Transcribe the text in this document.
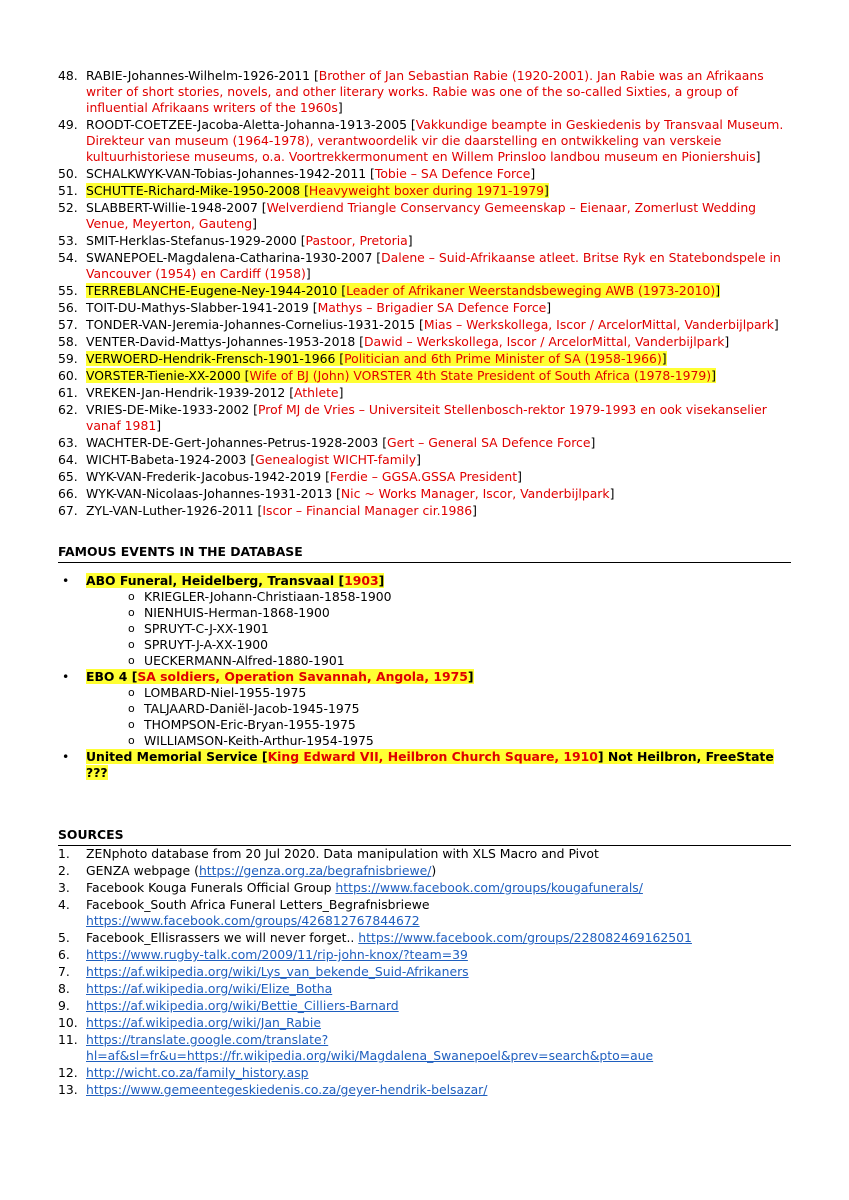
48. RABIE-Johannes-Wilhelm-1926-2011 [Brother of Jan Sebastian Rabie (1920-2001). Jan Rabie was an Afrikaans writer of short stories, novels, and other literary works. Rabie was one of the so-called Sixties, a group of influential Afrikaans writers of the 1960s]
49. ROODT-COETZEE-Jacoba-Aletta-Johanna-1913-2005 [Vakkundige beampte in Geskiedenis by Transvaal Museum. Direkteur van museum (1964-1978), verantwoordelik vir die daarstelling en ontwikkeling van verskeie kultuurhistoriese museums, o.a. Voortrekkermonument en Willem Prinsloo landbou museum en Pioniershuis]
50. SCHALKWYK-VAN-Tobias-Johannes-1942-2011 [Tobie – SA Defence Force]
51. SCHUTTE-Richard-Mike-1950-2008 [Heavyweight boxer during 1971-1979]
52. SLABBERT-Willie-1948-2007 [Welverdiend Triangle Conservancy Gemeenskap – Eienaar, Zomerlust Wedding Venue, Meyerton, Gauteng]
53. SMIT-Herklas-Stefanus-1929-2000 [Pastoor, Pretoria]
54. SWANEPOEL-Magdalena-Catharina-1930-2007 [Dalene – Suid-Afrikaanse atleet. Britse Ryk en Statebondspele in Vancouver (1954) en Cardiff (1958)]
55. TERREBLANCHE-Eugene-Ney-1944-2010 [Leader of Afrikaner Weerstandsbeweging AWB (1973-2010)]
56. TOIT-DU-Mathys-Slabber-1941-2019 [Mathys – Brigadier SA Defence Force]
57. TONDER-VAN-Jeremia-Johannes-Cornelius-1931-2015 [Mias – Werkskollega, Iscor / ArcelorMittal, Vanderbijlpark]
58. VENTER-David-Mattys-Johannes-1953-2018 [Dawid – Werkskollega, Iscor / ArcelorMittal, Vanderbijlpark]
59. VERWOERD-Hendrik-Frensch-1901-1966 [Politician and 6th Prime Minister of SA (1958-1966)]
60. VORSTER-Tienie-XX-2000 [Wife of BJ (John) VORSTER 4th State President of South Africa (1978-1979)]
61. VREKEN-Jan-Hendrik-1939-2012 [Athlete]
62. VRIES-DE-Mike-1933-2002 [Prof MJ de Vries – Universiteit Stellenbosch-rektor 1979-1993 en ook visekanselier vanaf 1981]
63. WACHTER-DE-Gert-Johannes-Petrus-1928-2003 [Gert – General SA Defence Force]
64. WICHT-Babeta-1924-2003 [Genealogist WICHT-family]
65. WYK-VAN-Frederik-Jacobus-1942-2019 [Ferdie – GGSA.GSSA President]
66. WYK-VAN-Nicolaas-Johannes-1931-2013 [Nic ~ Works Manager, Iscor, Vanderbijlpark]
67. ZYL-VAN-Luther-1926-2011 [Iscor – Financial Manager cir.1986]
FAMOUS EVENTS IN THE DATABASE
• ABO Funeral, Heidelberg, Transvaal [1903]
o KRIEGLER-Johann-Christiaan-1858-1900
o NIENHUIS-Herman-1868-1900
o SPRUYT-C-J-XX-1901
o SPRUYT-J-A-XX-1900
o UECKERMANN-Alfred-1880-1901
• EBO 4 [SA soldiers, Operation Savannah, Angola, 1975]
o LOMBARD-Niel-1955-1975
o TALJAARD-Daniël-Jacob-1945-1975
o THOMPSON-Eric-Bryan-1955-1975
o WILLIAMSON-Keith-Arthur-1954-1975
• United Memorial Service [King Edward VII, Heilbron Church Square, 1910] Not Heilbron, FreeState ???
SOURCES
1. ZENphoto database from 20 Jul 2020. Data manipulation with XLS Macro and Pivot
2. GENZA webpage (https://genza.org.za/begrafnisbriewe/)
3. Facebook Kouga Funerals Official Group https://www.facebook.com/groups/kougafunerals/
4. Facebook_South Africa Funeral Letters_Begrafnisbriewe
https://www.facebook.com/groups/426812767844672
5. Facebook_Ellisrassers we will never forget.. https://www.facebook.com/groups/228082469162501
6. https://www.rugby-talk.com/2009/11/rip-john-knox/?team=39
7. https://af.wikipedia.org/wiki/Lys_van_bekende_Suid-Afrikaners
8. https://af.wikipedia.org/wiki/Elize_Botha
9. https://af.wikipedia.org/wiki/Bettie_Cilliers-Barnard
10. https://af.wikipedia.org/wiki/Jan_Rabie
11. https://translate.google.com/translate?hl=af&sl=fr&u=https://fr.wikipedia.org/wiki/Magdalena_Swanepoel&prev=search&pto=aue
12. http://wicht.co.za/family_history.asp
13. https://www.gemeentegeskiedenis.co.za/geyer-hendrik-belsazar/
